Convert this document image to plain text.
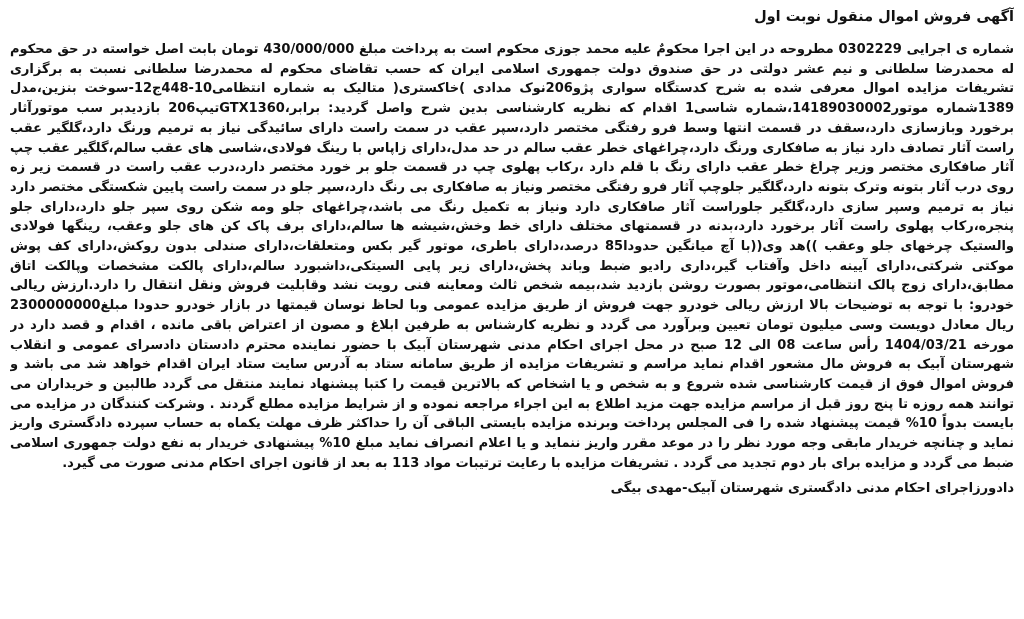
آگهی فروش اموال منقول نوبت اول

شماره ی اجرایی 0302229 مطروحه در این اجرا محکومٌ علیه محمد جوزی محکوم است به پرداخت مبلغ 430/000/000 تومان بابت اصل خواسته در حق محکوم له محمدرضا سلطانی و نیم عشر دولتی در حق صندوق دولت جمهوری اسلامی ایران که حسب تقاضای محکوم له محمدرضا سلطانی نسبت به برگزاری تشریفات مزایده اموال معرفی شده به شرح کدستگاه سواری پژو206نوک مدادی )خاکستری( متالیک به شماره انتظامی10-448ج12-سوخت بنزین،مدل 1389شماره موتور14189030002،شماره شاسی1 اقدام که نظریه کارشناسی بدین شرح واصل گردید: برابر،GTX1360تیپ206 بازدیدبر سب موتورآثار برخورد وبازسازی دارد،سقف در قسمت انتها وسط فرو رفتگی مختصر دارد،سپر عقب در سمت راست دارای سائیدگی نیاز به ترمیم ورنگ دارد،گلگیر عقب راست آثار تصادف دارد نیاز به صافکاری ورنگ دارد،چراغهای خطر عقب سالم در حد مدل،دارای زاپاس با رینگ فولادی،شاسی های عقب سالم،گلگیر عقب چپ آثار صافکاری مختصر وزیر چراغ خطر عقب دارای رنگ با قلم دارد ،رکاب پهلوی چپ در قسمت جلو بر خورد مختصر دارد،درب عقب راست در قسمت زیر زه روی درب آثار بتونه وترک بتونه دارد،گلگیر جلوچپ آثار فرو رفتگی مختصر ونیاز به صافکاری بی رنگ دارد،سپر جلو در سمت راست پایین شکستگی مختصر دارد نیاز به ترمیم وسپر سازی دارد،گلگیر جلوراست آثار صافکاری دارد ونیاز به تکمیل رنگ می باشد،چراغهای جلو ومه شکن روی سپر جلو دارد،دارای جلو پنجره،رکاب پهلوی راست آثار برخورد دارد،بدنه در قسمتهای مختلف دارای خط وخش،شیشه ها سالم،دارای برف پاک کن های جلو وعقب، رینگها فولادی والستیک چرخهای جلو وعقب ))هد وی((با آچ میانگین حدودا85 درصد،دارای باطری، موتور گیر بکس ومتعلقات،دارای صندلی بدون روکش،دارای کف پوش موکتی شرکتی،دارای آیینه داخل وآفتاب گیر،داری رادیو ضبط وباند پخش،دارای زیر پایی السیتکی،داشبورد سالم،دارای پالکت مشخصات وپالکت اتاق مطابق،دارای زوج پالک انتظامی،موتور بصورت روشن بازدید شد،بیمه شخص ثالث ومعاینه فنی رویت نشد وقابلیت فروش ونقل انتقال را دارد.ارزش ریالی خودرو: با توجه به توضیحات بالا ارزش ریالی خودرو جهت فروش از طریق مزایده عمومی وبا لحاظ نوسان قیمتها در بازار خودرو حدودا مبلغ2300000000 ریال معادل دویست وسی میلیون تومان تعیین وبرآورد می گردد و نظریه کارشناس به طرفین ابلاغ و مصون از اعتراض باقی مانده ، اقدام و قصد دارد در مورخه 1404/03/21 رأس ساعت 08 الی 12 صبح در محل اجرای احکام مدنی شهرستان آبیک با حضور نماینده محترم دادستان دادسرای عمومی و انقلاب شهرستان آبیک به فروش مال مشعور اقدام نماید مراسم و تشریفات مزایده از طریق سامانه ستاد به آدرس سایت ستاد ایران اقدام خواهد شد می باشد و فروش اموال فوق از قیمت کارشناسی شده شروع و به شخص و یا اشخاص که بالاترین قیمت را کتبا پیشنهاد نمایند منتقل می گردد طالبین و خریداران می توانند همه روزه تا پنج روز قبل از مراسم مزایده جهت مزید اطلاع به این اجراء مراجعه نموده و از شرایط مزایده مطلع گردند . وشرکت کنندگان در مزایده می بایست بدواً 10% قیمت پیشنهاد شده را فی المجلس پرداخت وبرنده مزایده بایستی الباقی آن را حداکثر ظرف مهلت یکماه به حساب سپرده دادگستری واریز نماید و چنانچه خریدار مابقی وجه مورد نظر را در موعد مقرر واریز ننماید و یا اعلام انصراف نماید مبلغ 10% پیشنهادی خریدار به نفع دولت جمهوری اسلامی ضبط می گردد و مزایده برای بار دوم تجدید می گردد . تشریفات مزایده با رعایت ترتیبات مواد 113 به بعد از قانون اجرای احکام مدنی صورت می گیرد.

دادورزاجرای احکام مدنی دادگستری شهرستان آبیک-مهدی بیگی
